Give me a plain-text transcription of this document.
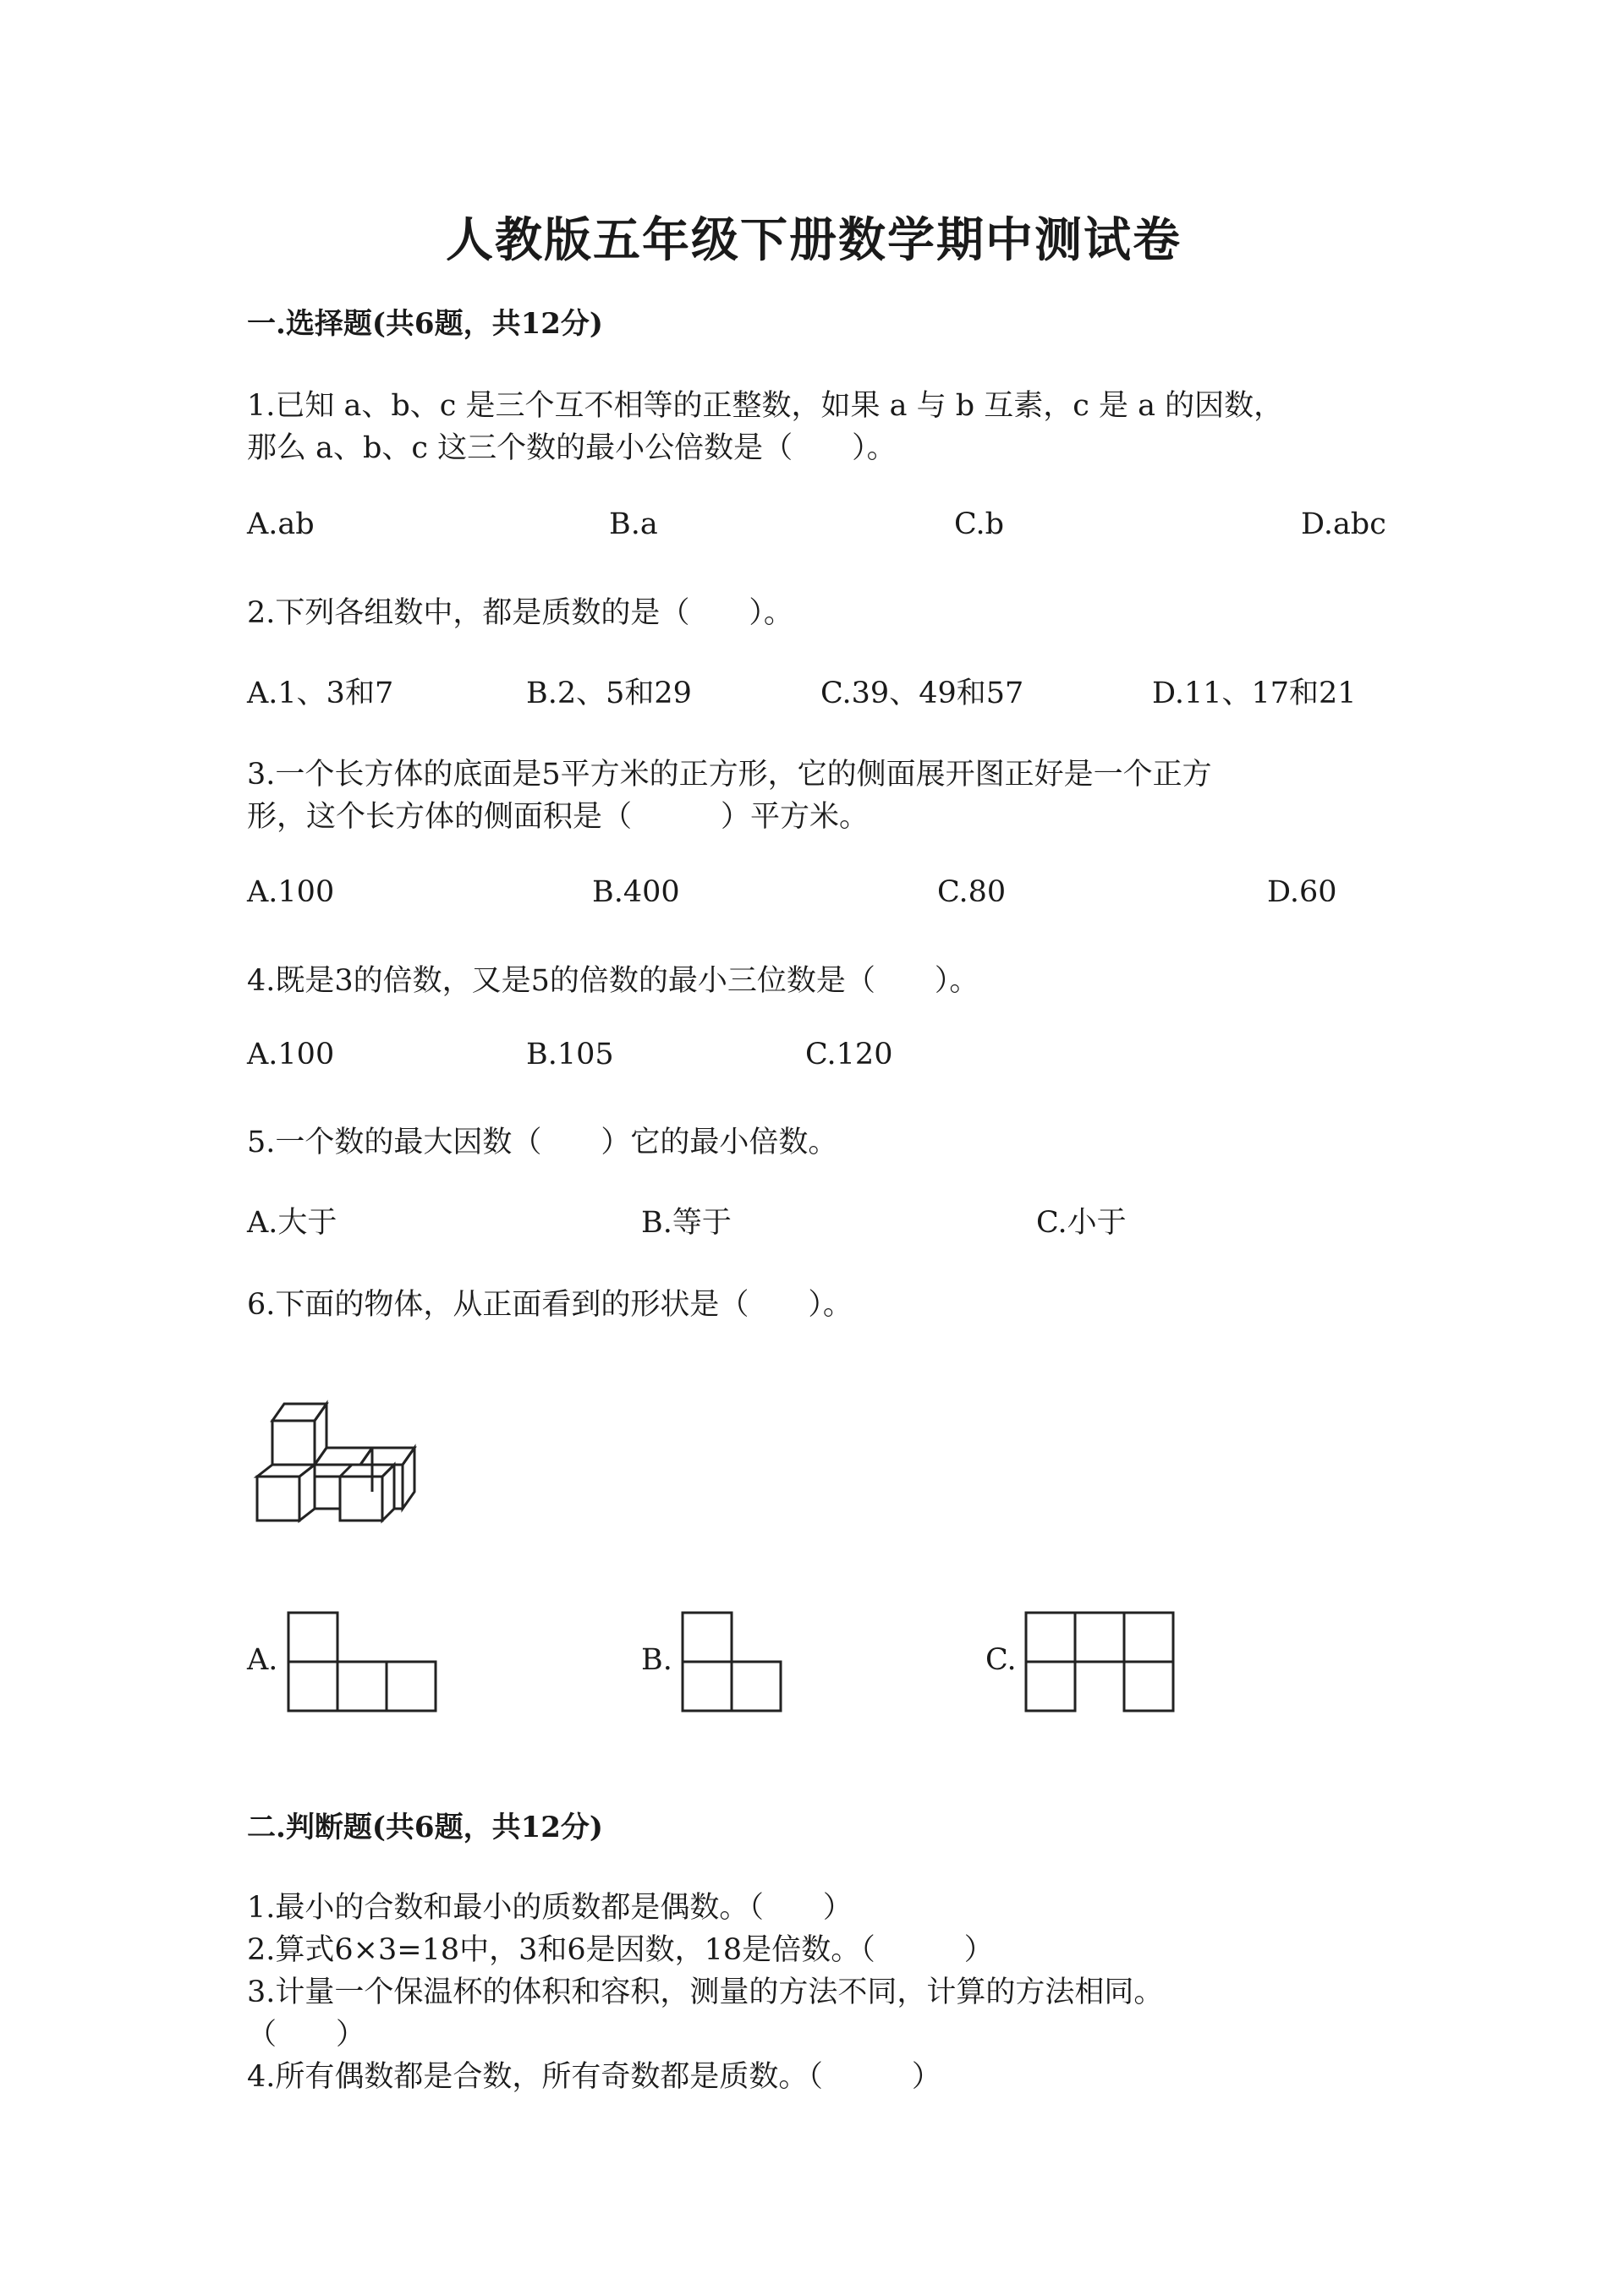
人教版五年级下册数学期中测试卷
一.选择题(共6题，共12分)
1.已知 a、b、c 是三个互不相等的正整数，如果 a 与 b 互素，c 是 a 的因数，
那么 a、b、c 这三个数的最小公倍数是（　　）。
A.ab	B.a	C.b	D.abc
2.下列各组数中，都是质数的是（　　）。
A.1、3和7	B.2、5和29	C.39、49和57	D.11、17和21
3.一个长方体的底面是5平方米的正方形，它的侧面展开图正好是一个正方
形，这个长方体的侧面积是（　　　）平方米。
A.100	B.400	C.80	D.60
4.既是3的倍数，又是5的倍数的最小三位数是（　　）。
A.100	B.105	C.120
5.一个数的最大因数（　　）它的最小倍数。
A.大于	B.等于	C.小于
6.下面的物体，从正面看到的形状是（　　）。
A.	B.	C.
二.判断题(共6题，共12分)
1.最小的合数和最小的质数都是偶数。（　　）
2.算式6×3=18中，3和6是因数，18是倍数。（　　　）
3.计量一个保温杯的体积和容积，测量的方法不同，计算的方法相同。
（　　）
4.所有偶数都是合数，所有奇数都是质数。（　　　）
